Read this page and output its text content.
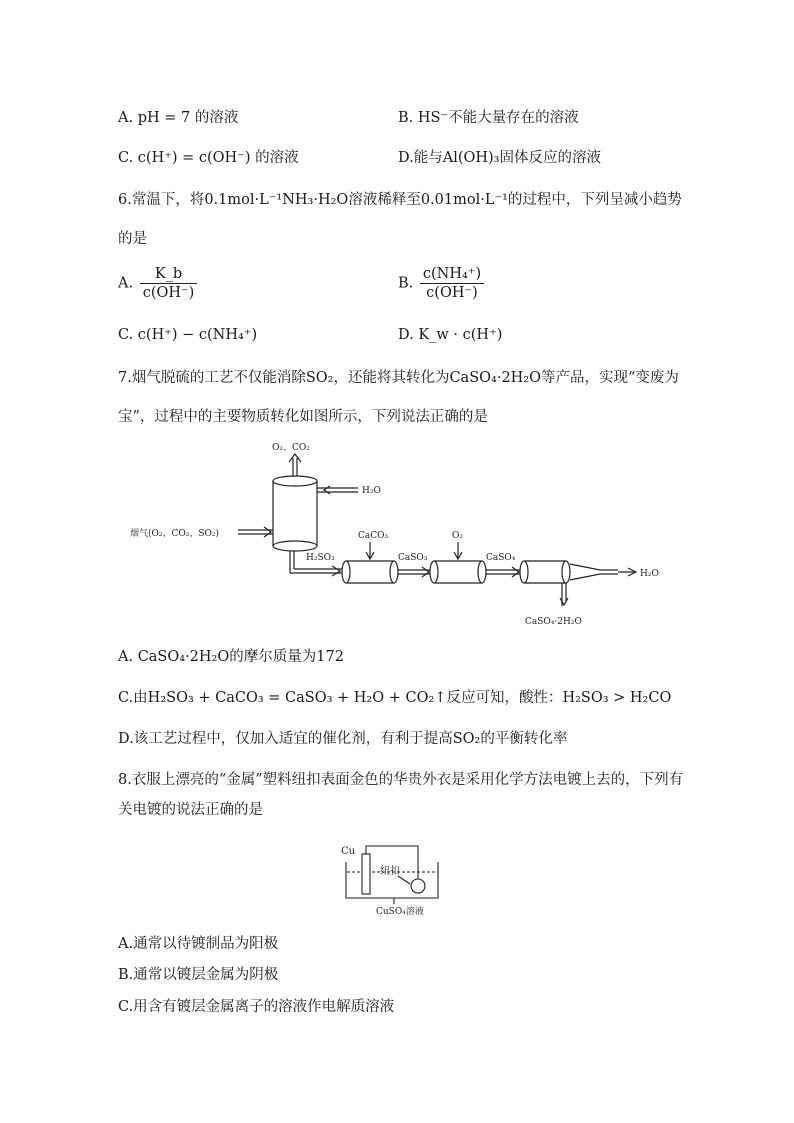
A. pH = 7 的溶液	B. HS⁻不能大量存在的溶液
C. c(H⁺) = c(OH⁻) 的溶液	D.能与Al(OH)₃固体反应的溶液
6.常温下，将0.1mol·L⁻¹NH₃·H₂O溶液稀释至0.01mol·L⁻¹的过程中，下列呈减小趋势
的是
A. $\frac{K\_b}{c(OH^-)}$	B. $\frac{\text{c(NH₄⁺)}}{c(OH^-)}$
C. c(H⁺) − c(NH₄⁺)	D. K_w · c(H⁺)
7.烟气脱硫的工艺不仅能消除SO₂，还能将其转化为CaSO₄·2H₂O等产品，实现“变废为
宝”，过程中的主要物质转化如图所示，下列说法正确的是
O₂、CO₂
H₂O
烟气(O₂、CO₂、SO₂)
H₂SO₃
CaCO₃
CaSO₃
O₂
CaSO₄
H₂O
CaSO₄·2H₂O
A. CaSO₄·2H₂O的摩尔质量为172
C.由H₂SO₃ + CaCO₃ = CaSO₃ + H₂O + CO₂↑反应可知，酸性：H₂SO₃ > H₂CO
D.该工艺过程中，仅加入适宜的催化剂，有利于提高SO₂的平衡转化率
8.衣服上漂亮的“金属”塑料纽扣表面金色的华贵外衣是采用化学方法电镀上去的，下列有
关电镀的说法正确的是
Cu
纽扣
CuSO₄溶液
A.通常以待镀制品为阳极
B.通常以镀层金属为阴极
C.用含有镀层金属离子的溶液作电解质溶液
